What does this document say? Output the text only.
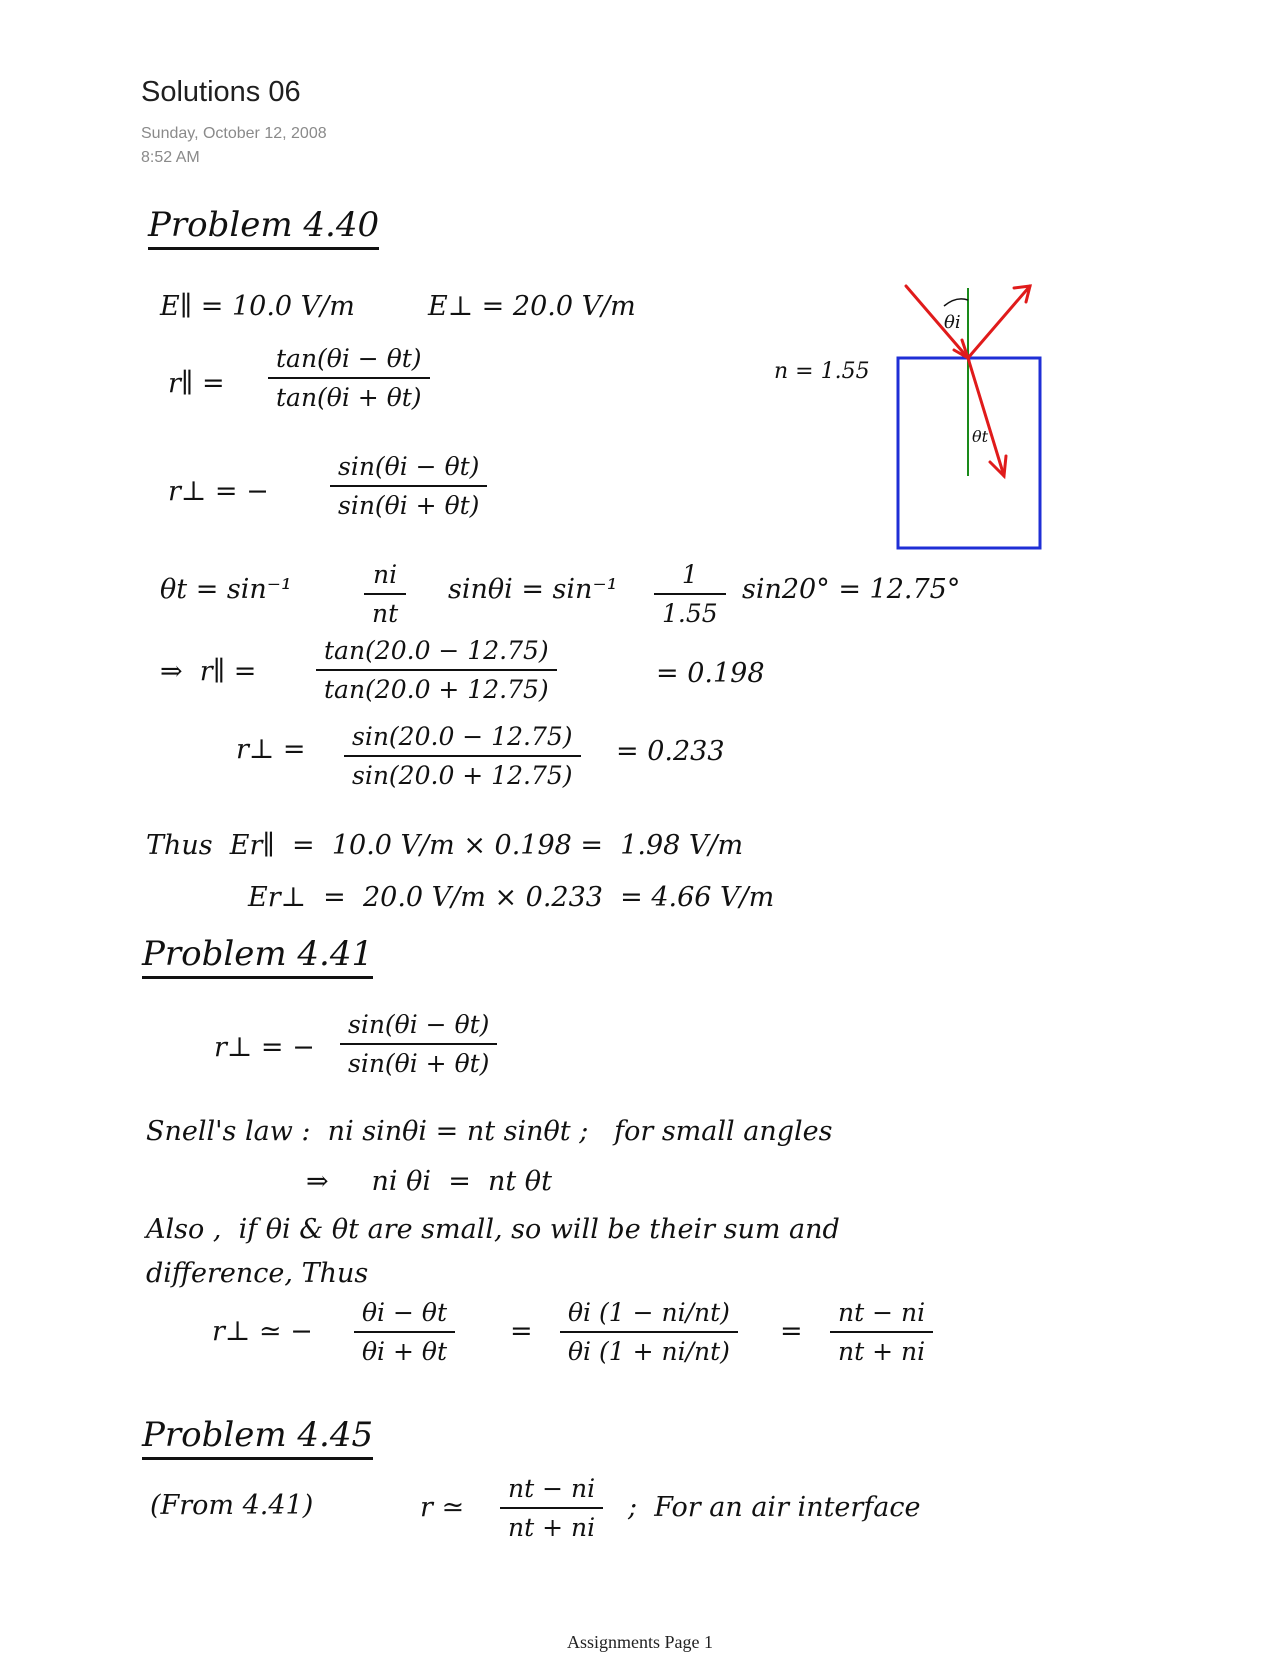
Solutions 06
Sunday, October 12, 2008
8:52 AM
Problem 4.40
E∥ = 10.0 V/m	E⊥ = 20.0 V/m
r∥ = $\frac{\tan(\theta i - \theta t)}{\tan(\theta i + \theta t)}$
r⊥ = − $\frac{\sin(\theta i - \theta t)}{\sin(\theta i + \theta t)}$
θt = sin⁻¹	$\frac{ni}{nt}$ $\sin\theta i = \sin^{-1} \frac{1}{1.55} \sin 20^\circ = 12.75^\circ$
⇒  r∥ = $\frac{\tan(20.0 - 12.75)}{\tan(20.0 + 12.75)}$	= 0.198
r⊥ = $\frac{\sin(20.0 - 12.75)}{\sin(20.0 + 12.75)} = 0.233$
Thus  Er∥  =  10.0 V/m × 0.198 =  1.98 V/m
Er⊥  =  20.0 V/m × 0.233  = 4.66 V/m
n = 1.55
θi
θt
Problem 4.41
r⊥ = − $\frac{\sin(\theta i - \theta t)}{\sin(\theta i + \theta t)}$
Snell's law :  ni sinθi = nt sinθt ;   for small angles
⇒     ni θi  =  nt θt
Also ,  if θi & θt are small, so will be their sum and
difference, Thus
r⊥ ≃ − $\frac{\theta i - \theta t}{\theta i + \theta t} = \frac{\theta i (1 - ni/nt)}{\theta i (1 + ni/nt)} = \frac{nt - ni}{nt + ni}$
Problem 4.45
(From 4.41)	r ≃ $\frac{nt - ni}{nt + ni}$ ;  For an air interface
Assignments Page 1
